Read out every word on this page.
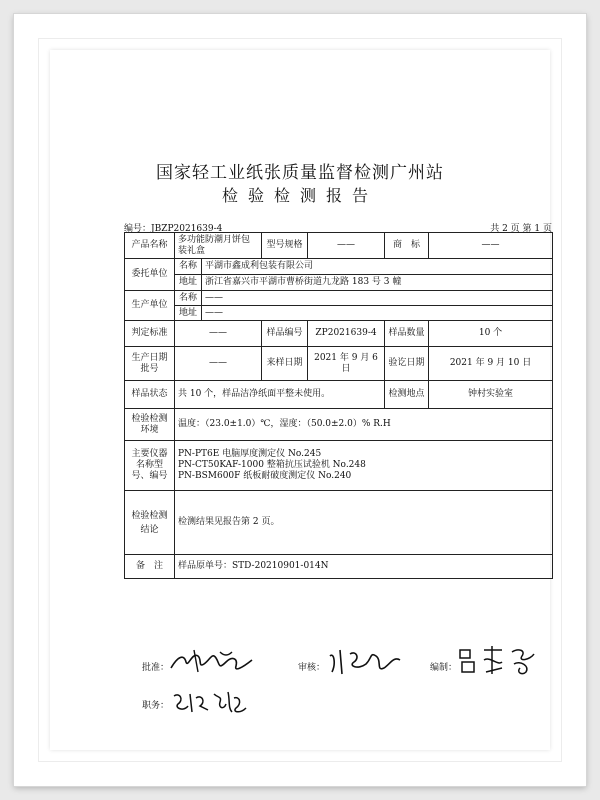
国家轻工业纸张质量监督检测广州站
检验检测报告
编号：JBZP2021639-4	共 2 页 第 1 页
产品名称	多功能防潮月饼包装礼盒		型号规格	——	商　标	——
委托单位	名称	平湖市鑫成利包装有限公司				
	地址	浙江省嘉兴市平湖市曹桥街道九龙路 183 号 3 幢				
生产单位	名称	——				
	地址	——				
判定标准	——		样品编号	ZP2021639-4	样品数量	10 个
生产日期批号	——		来样日期	2021 年 9 月 6 日	验讫日期	2021 年 9 月 10 日
样品状态	共 10 个，样品洁净纸面平整未使用。				检测地点	钟村实验室
检验检测环境	温度：（23.0±1.0）℃，湿度：（50.0±2.0）% R.H					
主要仪器名称型号、编号	PN-PT6E 电脑厚度测定仪 No.245
PN-CT50KAF-1000 整箱抗压试验机 No.248
PN-BSM600F 纸板耐破度测定仪 No.240					

检验检测结论	检测结果见报告第 2 页。					
备　注	样品原单号：STD-20210901-014N					
批准：	审核：	编制：
职务：
